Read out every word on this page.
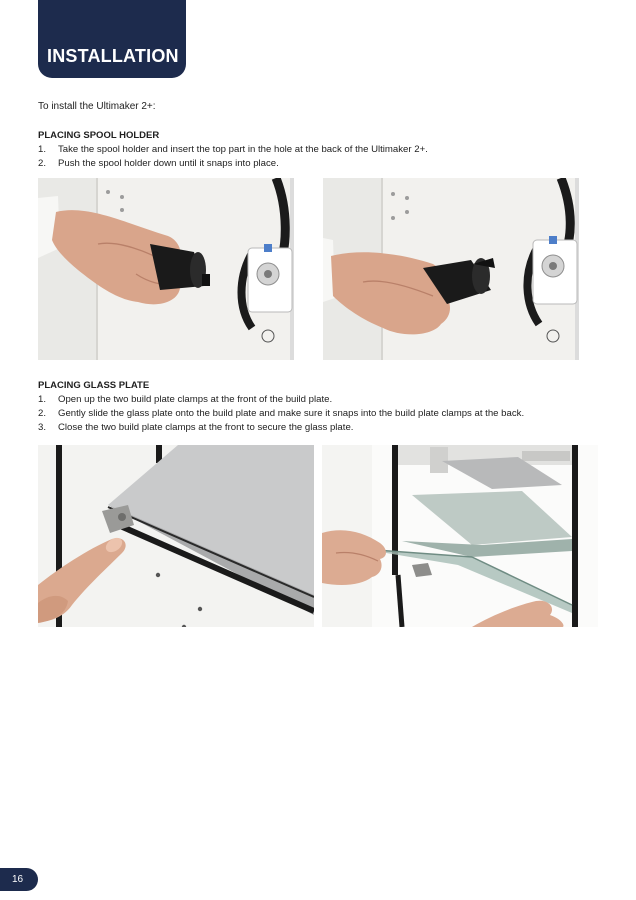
INSTALLATION
To install the Ultimaker 2+:
PLACING SPOOL HOLDER
1. Take the spool holder and insert the top part in the hole at the back of the Ultimaker 2+.
2. Push the spool holder down until it snaps into place.
PLACING GLASS PLATE
1. Open up the two build plate clamps at the front of the build plate.
2. Gently slide the glass plate onto the build plate and make sure it snaps into the build plate clamps at the back.
3. Close the two build plate clamps at the front to secure the glass plate.
16
